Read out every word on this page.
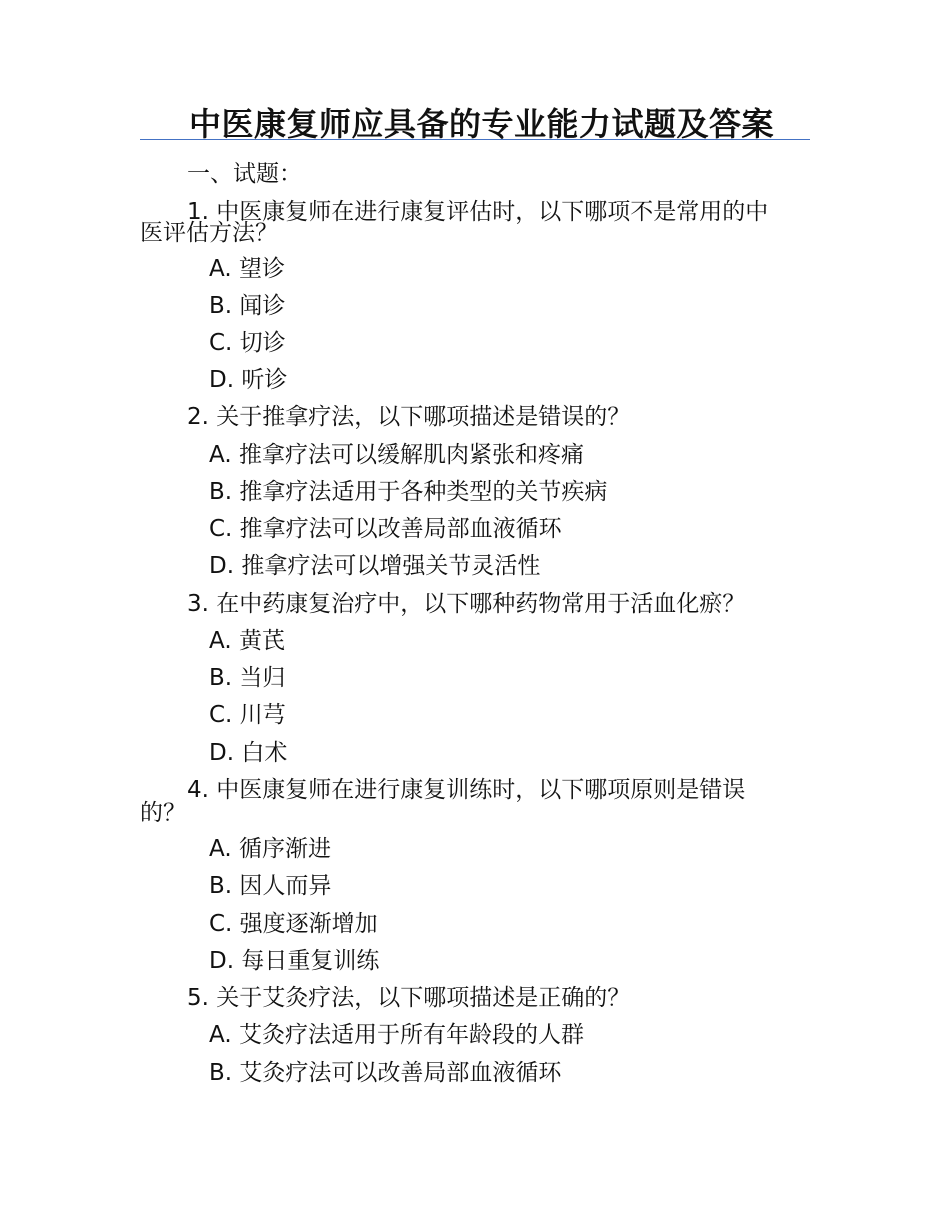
中医康复师应具备的专业能力试题及答案
一、试题：
1. 中医康复师在进行康复评估时，以下哪项不是常用的中
医评估方法？
A. 望诊
B. 闻诊
C. 切诊
D. 听诊
2. 关于推拿疗法，以下哪项描述是错误的？
A. 推拿疗法可以缓解肌肉紧张和疼痛
B. 推拿疗法适用于各种类型的关节疾病
C. 推拿疗法可以改善局部血液循环
D. 推拿疗法可以增强关节灵活性
3. 在中药康复治疗中，以下哪种药物常用于活血化瘀？
A. 黄芪
B. 当归
C. 川芎
D. 白术
4. 中医康复师在进行康复训练时，以下哪项原则是错误
的？
A. 循序渐进
B. 因人而异
C. 强度逐渐增加
D. 每日重复训练
5. 关于艾灸疗法，以下哪项描述是正确的？
A. 艾灸疗法适用于所有年龄段的人群
B. 艾灸疗法可以改善局部血液循环
